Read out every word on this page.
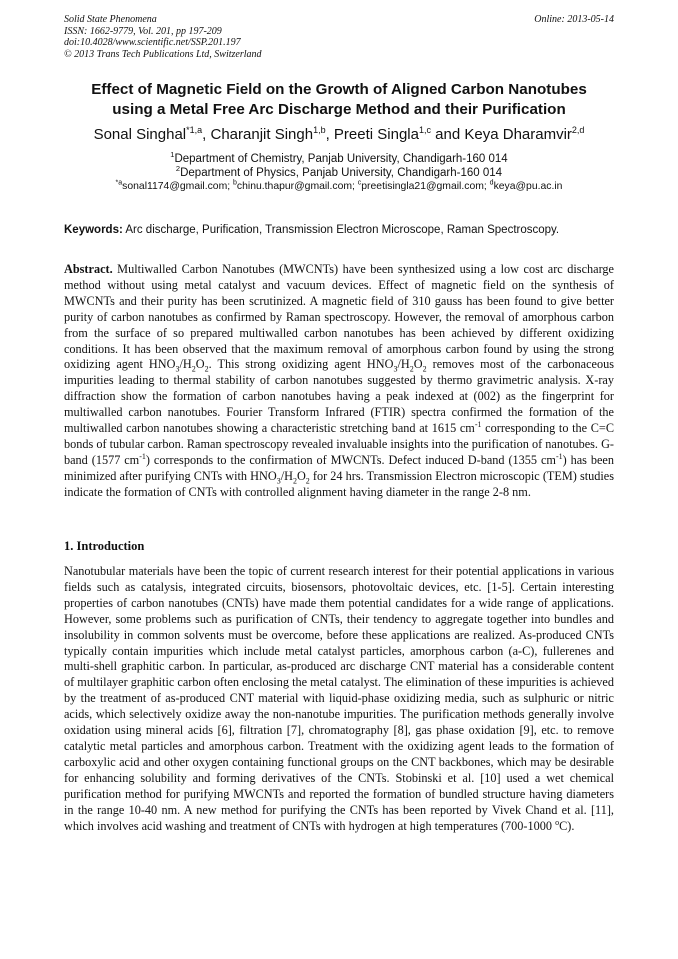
Solid State Phenomena
ISSN: 1662-9779, Vol. 201, pp 197-209
doi:10.4028/www.scientific.net/SSP.201.197
© 2013 Trans Tech Publications Ltd, Switzerland
Online: 2013-05-14
Effect of Magnetic Field on the Growth of Aligned Carbon Nanotubes
using a Metal Free Arc Discharge Method and their Purification
Sonal Singhal$^{*1,a}$, Charanjit Singh$^{1,b}$, Preeti Singla$^{1,c}$ and Keya Dharamvir$^{2,d}$
$^1$Department of Chemistry, Panjab University, Chandigarh-160 014
$^2$Department of Physics, Panjab University, Chandigarh-160 014
$^{*a}$sonal1174@gmail.com; $^b$chinu.thapur@gmail.com; $^c$preetisingla21@gmail.com; $^d$keya@pu.ac.in
Keywords: Arc discharge, Purification, Transmission Electron Microscope, Raman Spectroscopy.
Abstract. Multiwalled Carbon Nanotubes (MWCNTs) have been synthesized using a low cost arc discharge method without using metal catalyst and vacuum devices. Effect of magnetic field on the synthesis of MWCNTs and their purity has been scrutinized. A magnetic field of 310 gauss has been found to give better purity of carbon nanotubes as confirmed by Raman spectroscopy. However, the removal of amorphous carbon from the surface of so prepared multiwalled carbon nanotubes has been achieved by different oxidizing conditions. It has been observed that the maximum removal of amorphous carbon found by using the strong oxidizing agent $HNO_3/H_2O_2$. This strong oxidizing agent $HNO_3/H_2O_2$ removes most of the carbonaceous impurities leading to thermal stability of carbon nanotubes suggested by thermo gravimetric analysis. X-ray diffraction show the formation of carbon nanotubes having a peak indexed at (002) as the fingerprint for multiwalled carbon nanotubes. Fourier Transform Infrared (FTIR) spectra confirmed the formation of the multiwalled carbon nanotubes showing a characteristic stretching band at 1615 $cm^{-1}$ corresponding to the C=C bonds of tubular carbon. Raman spectroscopy revealed invaluable insights into the purification of nanotubes. G-band (1577 $cm^{-1}$) corresponds to the confirmation of MWCNTs. Defect induced D-band (1355 $cm^{-1}$) has been minimized after purifying CNTs with $HNO_3/H_2O_2$ for 24 hrs. Transmission Electron microscopic (TEM) studies indicate the formation of CNTs with controlled alignment having diameter in the range 2-8 nm.
1. Introduction
Nanotubular materials have been the topic of current research interest for their potential applications in various fields such as catalysis, integrated circuits, biosensors, photovoltaic devices, etc. [1-5]. Certain interesting properties of carbon nanotubes (CNTs) have made them potential candidates for a wide range of applications. However, some problems such as purification of CNTs, their tendency to aggregate together into bundles and insolubility in common solvents must be overcome, before these applications are realized. As-produced CNTs typically contain impurities which include metal catalyst particles, amorphous carbon (a-C), fullerenes and multi-shell graphitic carbon. In particular, as-produced arc discharge CNT material has a considerable content of multilayer graphitic carbon often enclosing the metal catalyst. The elimination of these impurities is achieved by the treatment of as-produced CNT material with liquid-phase oxidizing media, such as sulphuric or nitric acids, which selectively oxidize away the non-nanotube impurities. The purification methods generally involve oxidation using mineral acids [6], filtration [7], chromatography [8], gas phase oxidation [9], etc. to remove catalytic metal particles and amorphous carbon. Treatment with the oxidizing agent leads to the formation of carboxylic acid and other oxygen containing functional groups on the CNT backbones, which may be desirable for enhancing solubility and forming derivatives of the CNTs. Stobinski et al. [10] used a wet chemical purification method for purifying MWCNTs and reported the formation of bundled structure having diameters in the range 10-40 nm. A new method for purifying the CNTs has been reported by Vivek Chand et al. [11], which involves acid washing and treatment of CNTs with hydrogen at high temperatures (700-1000 $^o$C).
